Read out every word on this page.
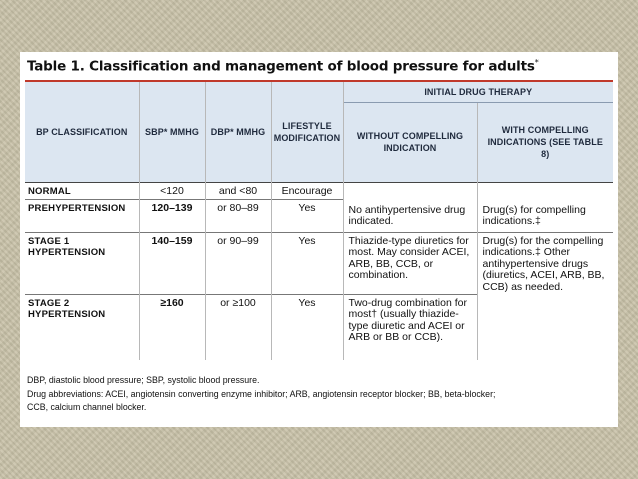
Table 1. Classification and management of blood pressure for adults*
BP CLASSIFICATION	SBP* MMHG	DBP* MMHG	LIFESTYLE MODIFICATION	INITIAL DRUG THERAPY	
				WITHOUT COMPELLING INDICATION	WITH COMPELLING INDICATIONS (SEE TABLE 8)
NORMAL	<120	and <80	Encourage	No antihypertensive drug indicated.	Drug(s) for compelling indications.‡

PREHYPERTENSION	120–139	or 80–89	Yes		
STAGE 1 HYPERTENSION	140–159	or 90–99	Yes	Thiazide-type diuretics for most. May consider ACEI, ARB, BB, CCB, or combination.	Drug(s) for the compelling indications.‡ Other antihypertensive drugs (diuretics, ACEI, ARB, BB, CCB) as needed.
STAGE 2 HYPERTENSION	≥160	or ≥100	Yes	Two-drug combination for most† (usually thiazide-type diuretic and ACEI or ARB or BB or CCB).	
DBP, diastolic blood pressure; SBP, systolic blood pressure.
Drug abbreviations: ACEI, angiotensin converting enzyme inhibitor; ARB, angiotensin receptor blocker; BB, beta-blocker;
CCB, calcium channel blocker.
